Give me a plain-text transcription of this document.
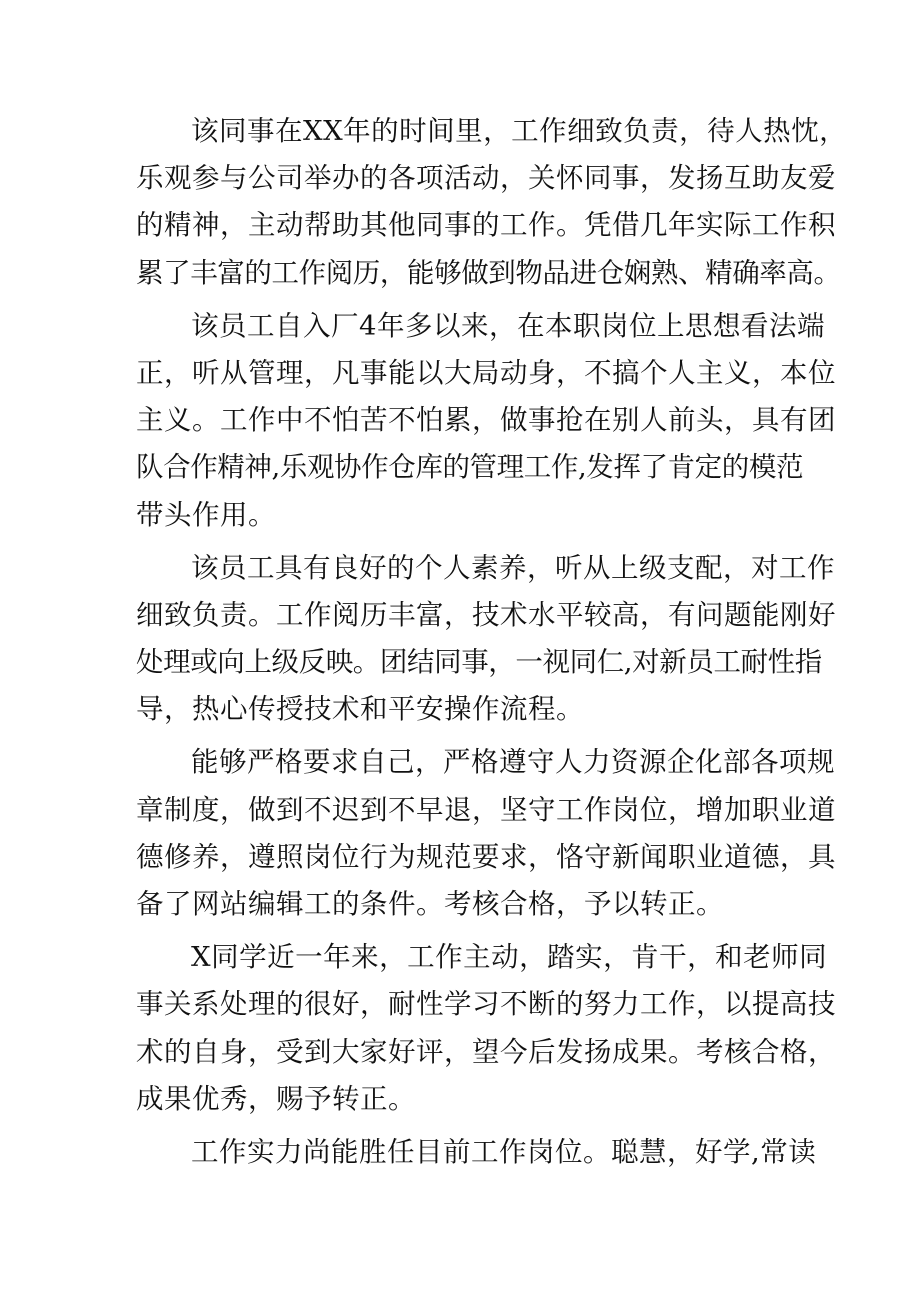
该同事在XX年的时间里，工作细致负责，待人热忱，
乐观参与公司举办的各项活动，关怀同事，发扬互助友爱
的精神，主动帮助其他同事的工作。凭借几年实际工作积
累了丰富的工作阅历，能够做到物品进仓娴熟、精确率高。

该员工自入厂4年多以来，在本职岗位上思想看法端
正，听从管理，凡事能以大局动身，不搞个人主义，本位
主义。工作中不怕苦不怕累，做事抢在别人前头，具有团
队合作精神,乐观协作仓库的管理工作,发挥了肯定的模范
带头作用。

该员工具有良好的个人素养，听从上级支配，对工作
细致负责。工作阅历丰富，技术水平较高，有问题能刚好
处理或向上级反映。团结同事，一视同仁,对新员工耐性指
导，热心传授技术和平安操作流程。

能够严格要求自己，严格遵守人力资源企化部各项规
章制度，做到不迟到不早退，坚守工作岗位，增加职业道
德修养，遵照岗位行为规范要求，恪守新闻职业道德，具
备了网站编辑工的条件。考核合格，予以转正。

X同学近一年来，工作主动，踏实，肯干，和老师同
事关系处理的很好，耐性学习不断的努力工作，以提高技
术的自身，受到大家好评，望今后发扬成果。考核合格，
成果优秀，赐予转正。

工作实力尚能胜任目前工作岗位。聪慧，好学,常读
